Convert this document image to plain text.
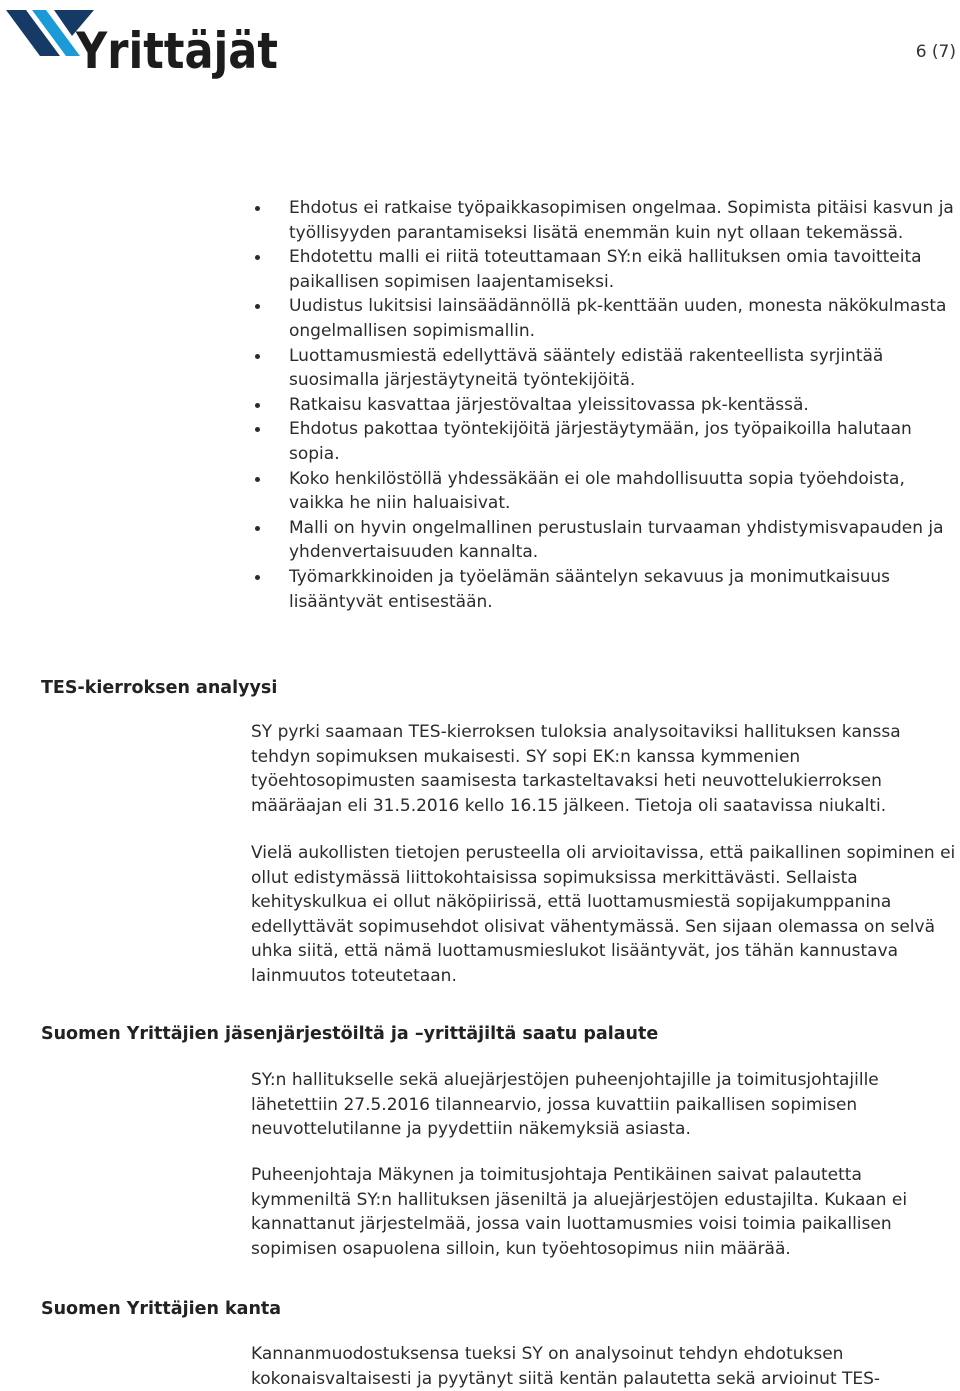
Yrittäjät	6 (7)
Ehdotus ei ratkaise työpaikkasopimisen ongelmaa. Sopimista pitäisi kasvun ja työllisyyden parantamiseksi lisätä enemmän kuin nyt ollaan tekemässä.
Ehdotettu malli ei riitä toteuttamaan SY:n eikä hallituksen omia tavoitteita paikallisen sopimisen laajentamiseksi.
Uudistus lukitsisi lainsäädännöllä pk-kenttään uuden, monesta näkökulmasta ongelmallisen sopimismallin.
Luottamusmiestä edellyttävä sääntely edistää rakenteellista syrjintää suosimalla järjestäytyneitä työntekijöitä.
Ratkaisu kasvattaa järjestövaltaa yleissitovassa pk-kentässä.
Ehdotus pakottaa työntekijöitä järjestäytymään, jos työpaikoilla halutaan sopia.
Koko henkilöstöllä yhdessäkään ei ole mahdollisuutta sopia työehdoista, vaikka he niin haluaisivat.
Malli on hyvin ongelmallinen perustuslain turvaaman yhdistymisvapauden ja yhdenvertaisuuden kannalta.
Työmarkkinoiden ja työelämän sääntelyn sekavuus ja monimutkaisuus lisääntyvät entisestään.
TES-kierroksen analyysi

SY pyrki saamaan TES-kierroksen tuloksia analysoitaviksi hallituksen kanssa tehdyn sopimuksen mukaisesti. SY sopi EK:n kanssa kymmenien työehtosopimusten saamisesta tarkasteltavaksi heti neuvottelukierroksen määräajan eli 31.5.2016 kello 16.15 jälkeen. Tietoja oli saatavissa niukalti.

Vielä aukollisten tietojen perusteella oli arvioitavissa, että paikallinen sopiminen ei ollut edistymässä liittokohtaisissa sopimuksissa merkittävästi. Sellaista kehityskulkua ei ollut näköpiirissä, että luottamusmiestä sopijakumppanina edellyttävät sopimusehdot olisivat vähentymässä. Sen sijaan olemassa on selvä uhka siitä, että nämä luottamusmieslukot lisääntyvät, jos tähän kannustava lainmuutos toteutetaan.

Suomen Yrittäjien jäsenjärjestöiltä ja –yrittäjiltä saatu palaute

SY:n hallitukselle sekä aluejärjestöjen puheenjohtajille ja toimitusjohtajille lähetettiin 27.5.2016 tilannearvio, jossa kuvattiin paikallisen sopimisen neuvottelutilanne ja pyydettiin näkemyksiä asiasta.

Puheenjohtaja Mäkynen ja toimitusjohtaja Pentikäinen saivat palautetta kymmeniltä SY:n hallituksen jäseniltä ja aluejärjestöjen edustajilta. Kukaan ei kannattanut järjestelmää, jossa vain luottamusmies voisi toimia paikallisen sopimisen osapuolena silloin, kun työehtosopimus niin määrää.

Suomen Yrittäjien kanta

Kannanmuodostuksensa tueksi SY on analysoinut tehdyn ehdotuksen kokonaisvaltaisesti ja pyytänyt siitä kentän palautetta sekä arvioinut TES-
